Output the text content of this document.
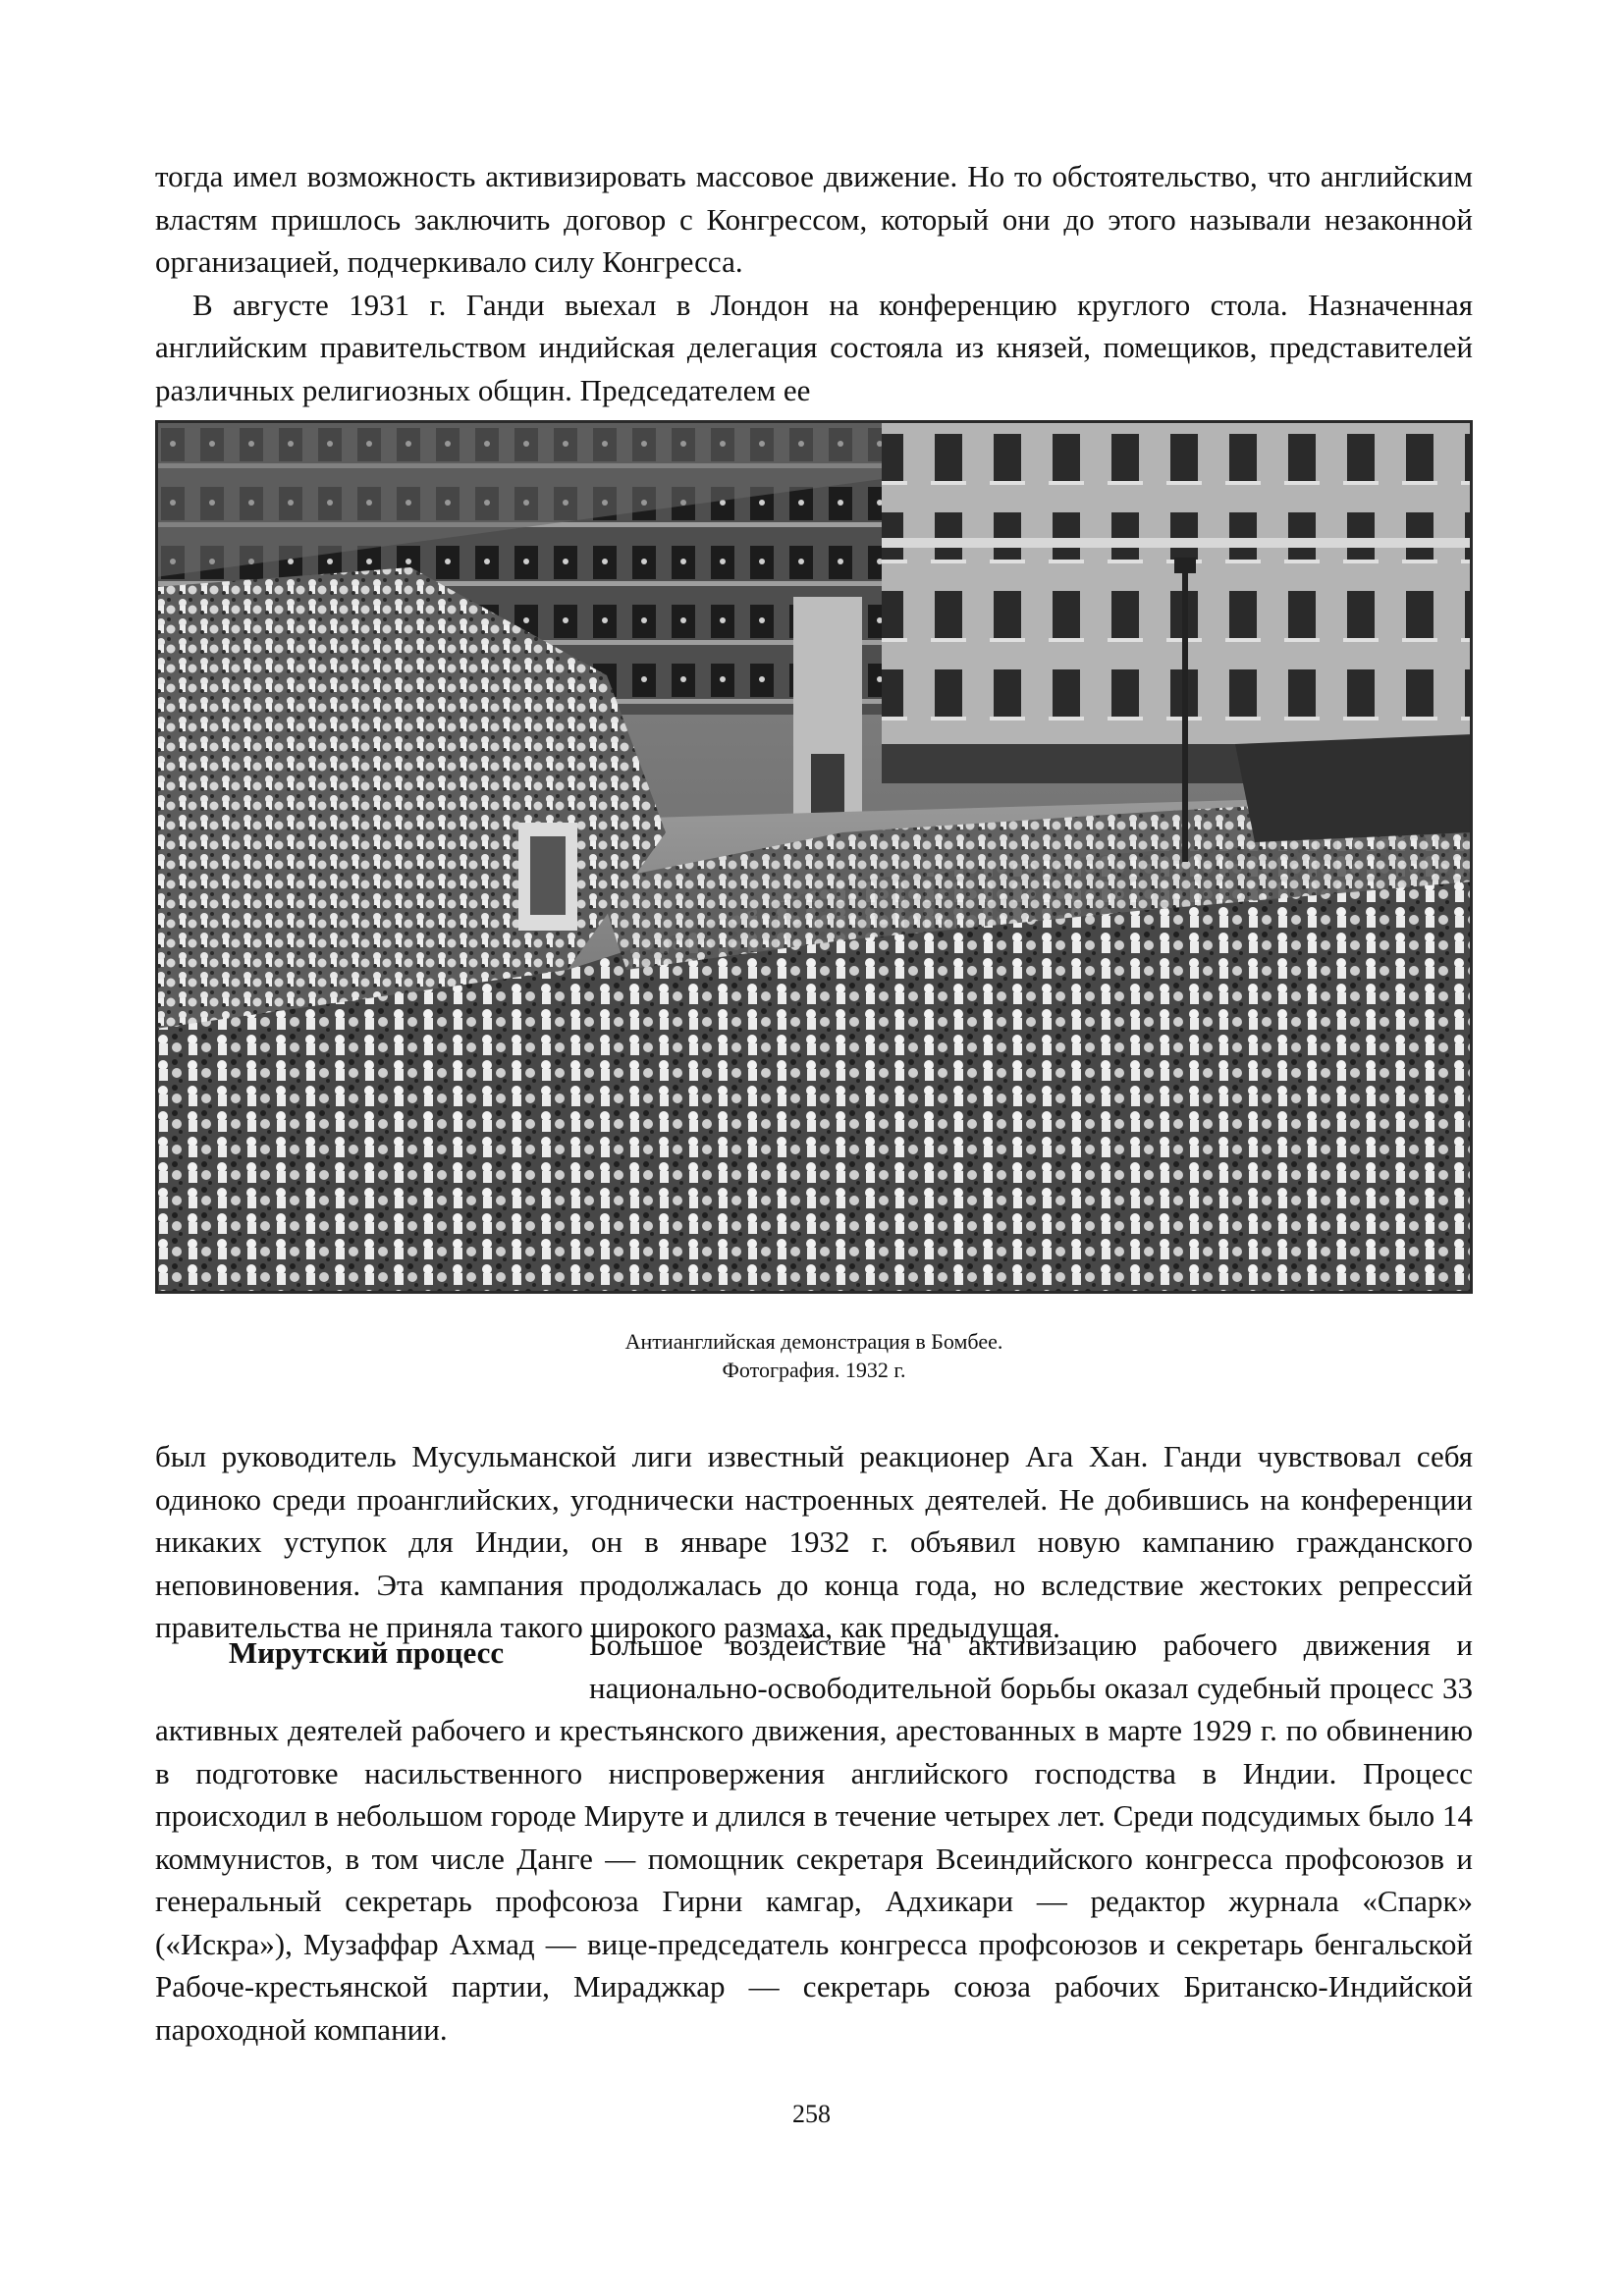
тогда имел возможность активизировать массовое движение. Но то обстоятельство, что английским властям пришлось заключить договор с Конгрессом, который они до этого называли незаконной организацией, подчеркивало силу Конгресса.

В августе 1931 г. Ганди выехал в Лондон на конференцию круглого стола. Назначенная английским правительством индийская делегация состояла из князей, помещиков, представителей различных религиозных общин. Председателем ее

Антианглийская демонстрация в Бомбее.
Фотография. 1932 г.

был руководитель Мусульманской лиги известный реакционер Ага Хан. Ганди чувствовал себя одиноко среди проанглийских, угоднически настроенных деятелей. Не добившись на конференции никаких уступок для Индии, он в январе 1932 г. объявил новую кампанию гражданского неповиновения. Эта кампания продолжалась до конца года, но вследствие жестоких репрессий правительства не приняла такого широкого размаха, как предыдущая.

Мирутский процесс	Большое воздействие на активизацию рабочего движения и национально-освободительной борьбы оказал судебный процесс 33 активных деятелей рабочего и крестьянского движения, арестованных в марте 1929 г. по обвинению в подготовке насильственного ниспровержения английского господства в Индии. Процесс происходил в небольшом городе Мируте и длился в течение четырех лет. Среди подсудимых было 14 коммунистов, в том числе Данге — помощник секретаря Всеиндийского конгресса профсоюзов и генеральный секретарь профсоюза Гирни камгар, Адхикари — редактор журнала «Спарк» («Искра»), Музаффар Ахмад — вице-председатель конгресса профсоюзов и секретарь бенгальской Рабоче-крестьянской партии, Мираджкар — секретарь союза рабочих Британско-Индийской пароходной компании.

258
